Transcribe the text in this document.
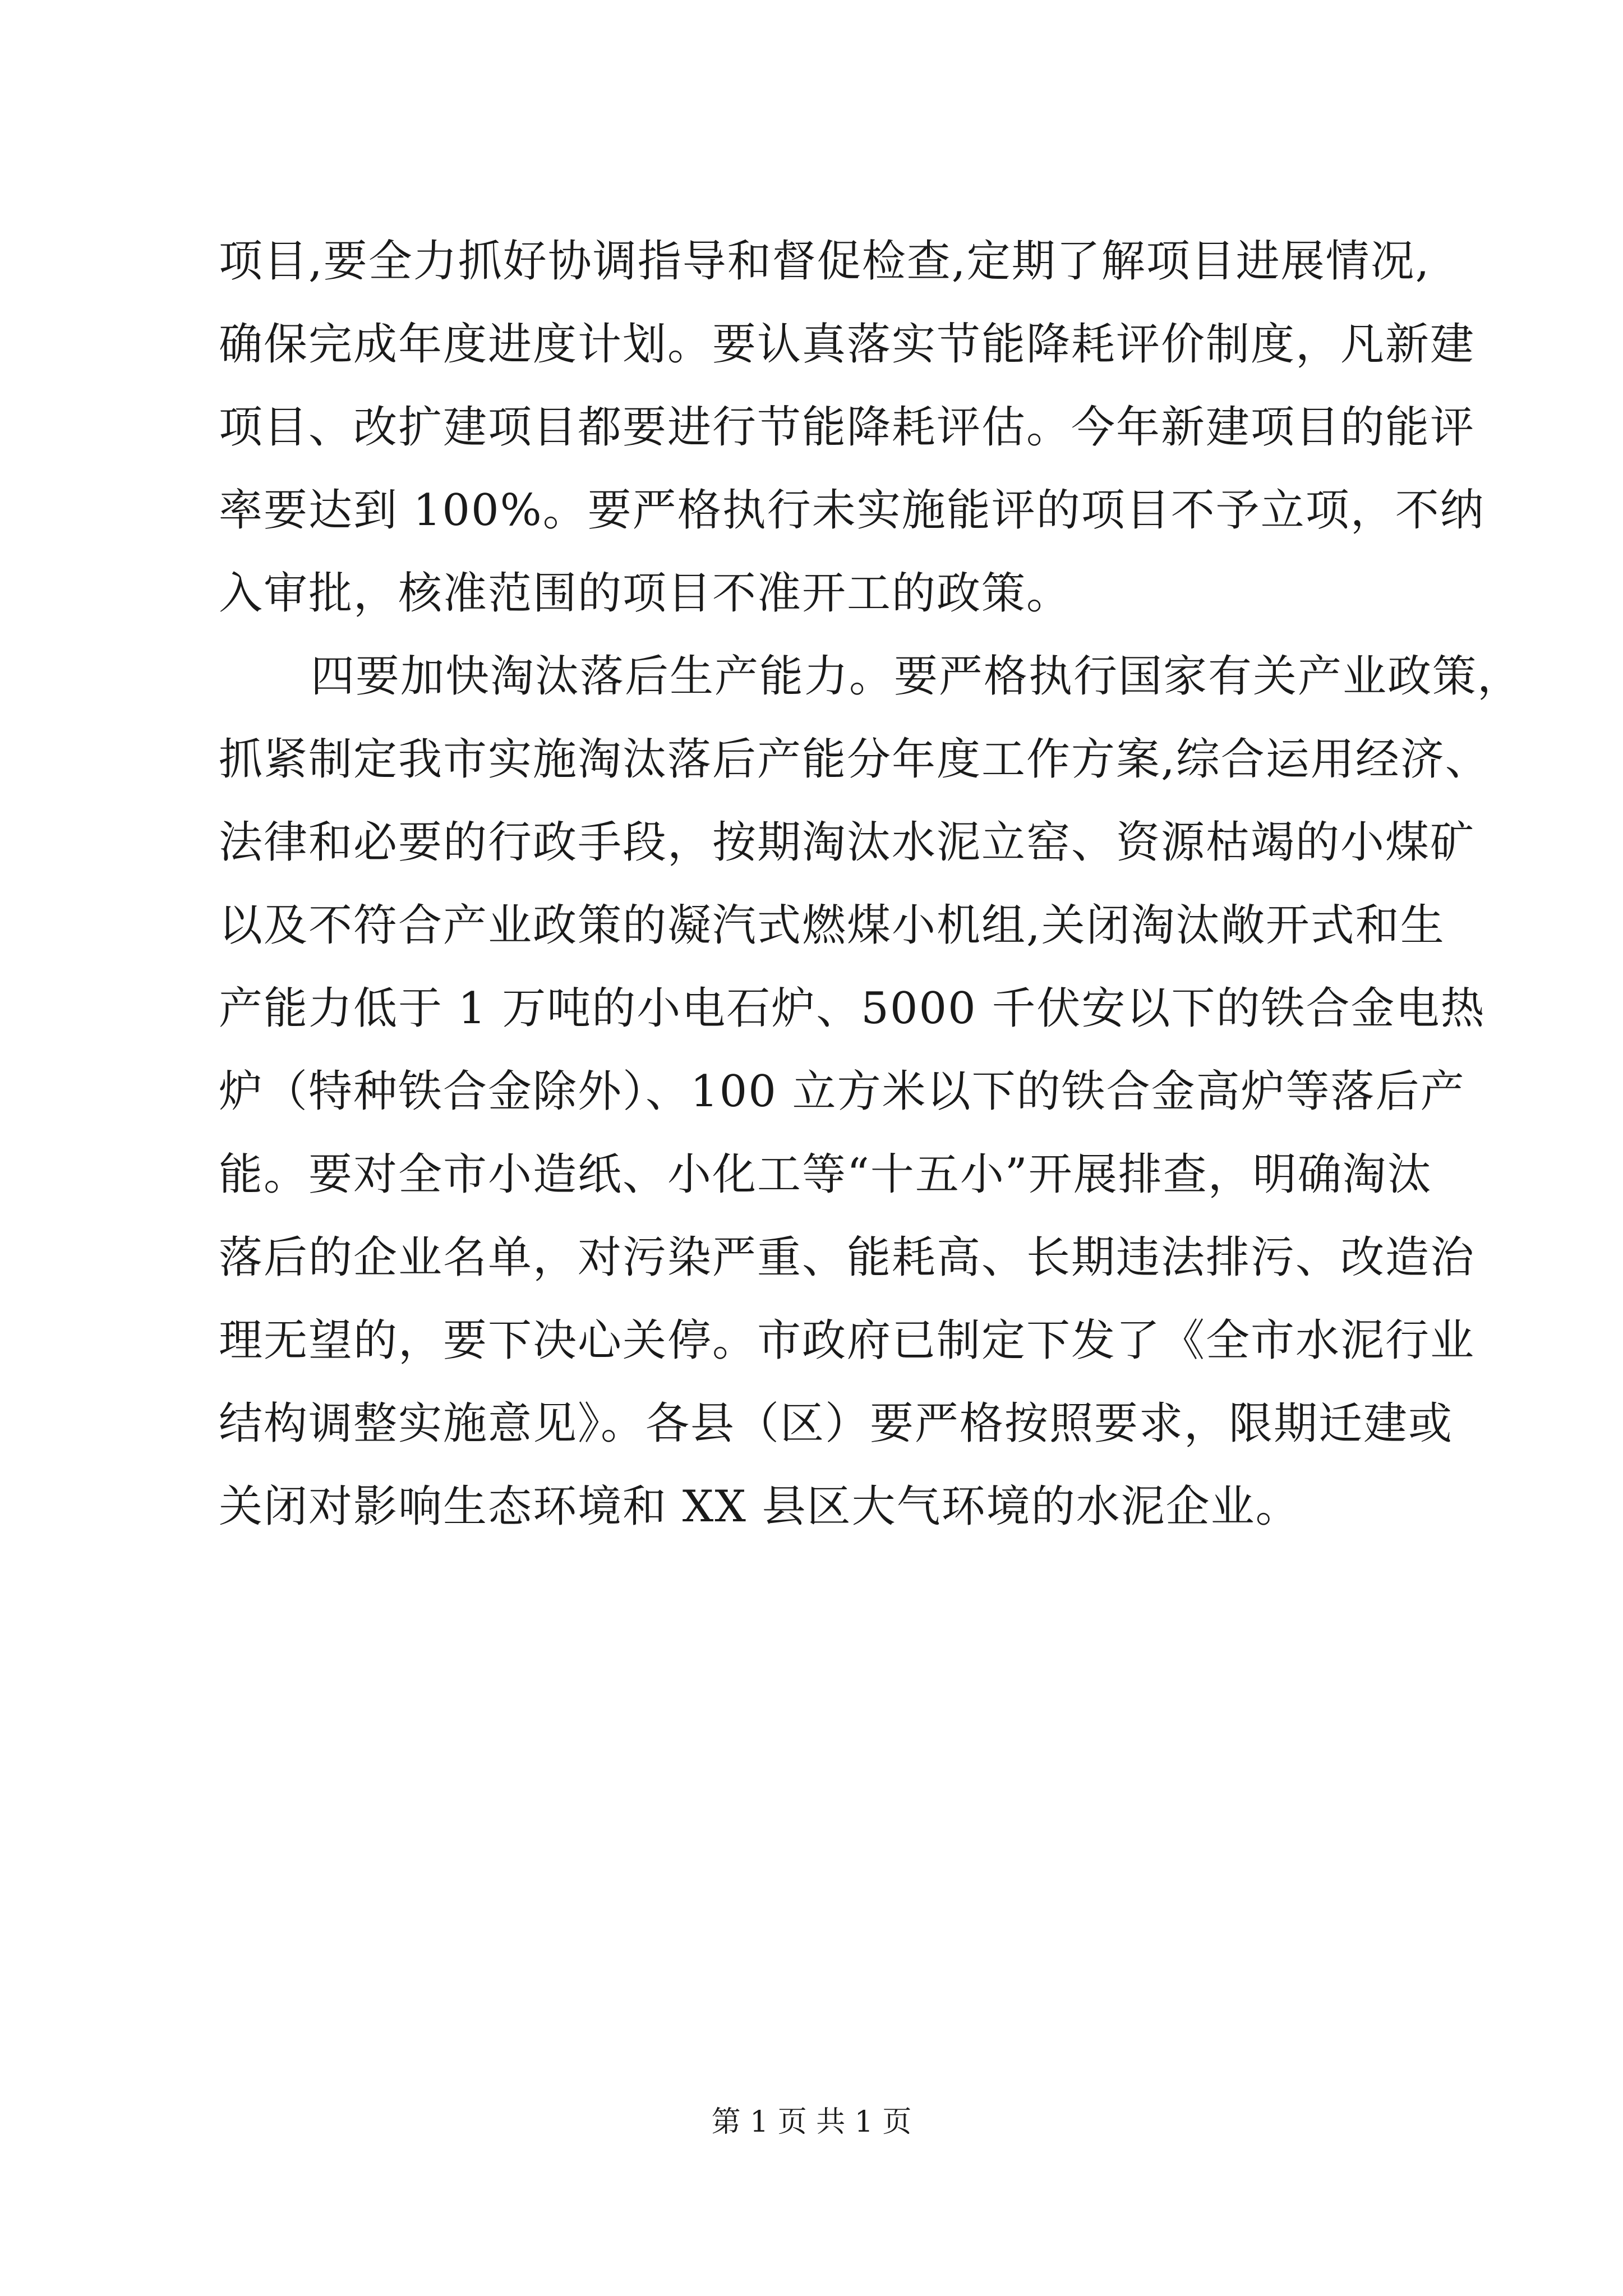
项目,要全力抓好协调指导和督促检查,定期了解项目进展情况,
确保完成年度进度计划。要认真落实节能降耗评价制度，凡新建
项目、改扩建项目都要进行节能降耗评估。今年新建项目的能评
率要达到 100%。要严格执行未实施能评的项目不予立项，不纳
入审批，核准范围的项目不准开工的政策。
四要加快淘汰落后生产能力。要严格执行国家有关产业政策，
抓紧制定我市实施淘汰落后产能分年度工作方案,综合运用经济、
法律和必要的行政手段，按期淘汰水泥立窑、资源枯竭的小煤矿
以及不符合产业政策的凝汽式燃煤小机组,关闭淘汰敞开式和生
产能力低于 1 万吨的小电石炉、5000 千伏安以下的铁合金电热
炉（特种铁合金除外）、100 立方米以下的铁合金高炉等落后产
能。要对全市小造纸、小化工等“十五小”开展排查，明确淘汰
落后的企业名单，对污染严重、能耗高、长期违法排污、改造治
理无望的，要下决心关停。市政府已制定下发了《全市水泥行业
结构调整实施意见》。各县（区）要严格按照要求，限期迁建或
关闭对影响生态环境和 XX 县区大气环境的水泥企业。
第 1 页 共 1 页
